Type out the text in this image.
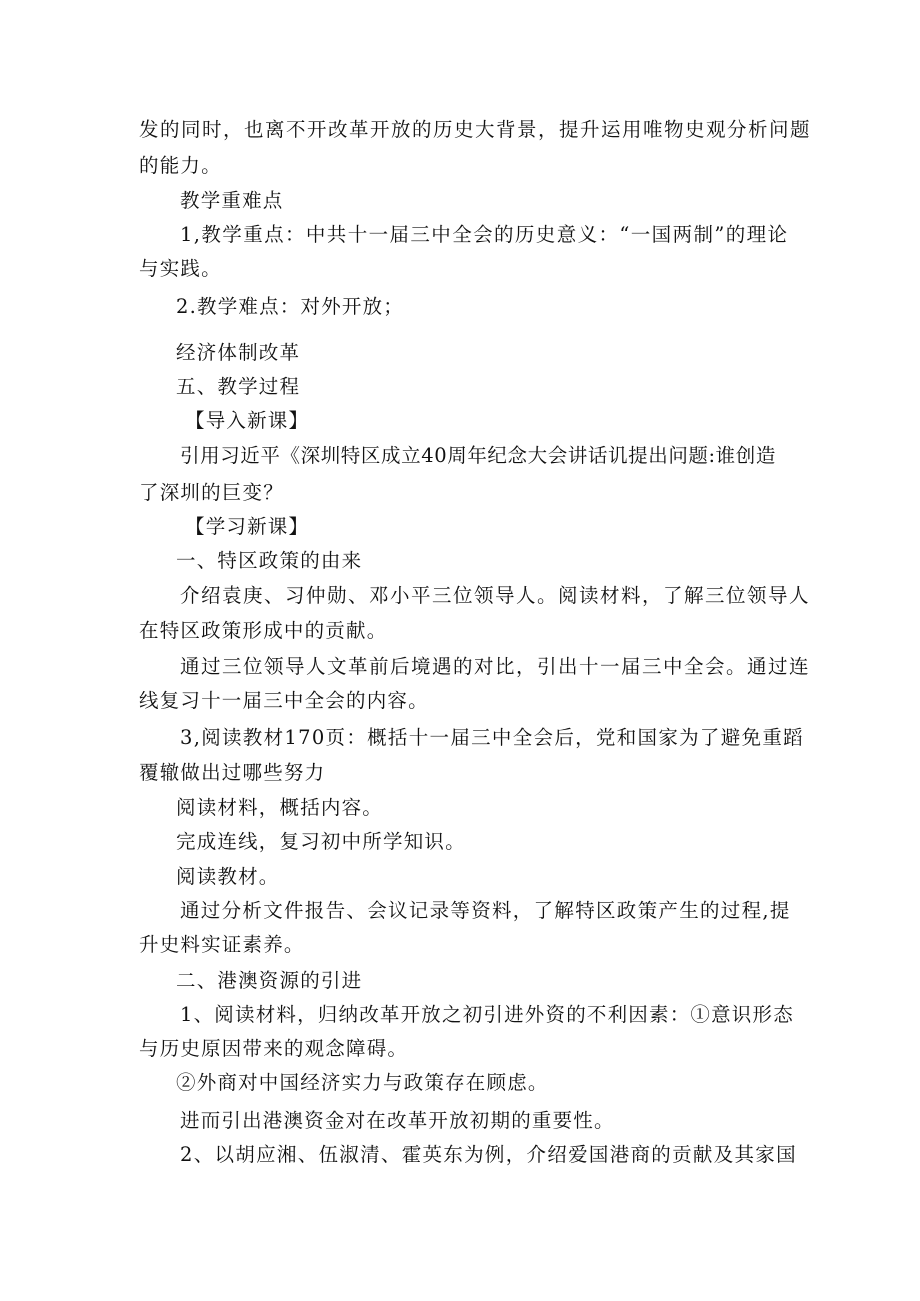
发的同时，也离不开改革开放的历史大背景，提升运用唯物史观分析问题
的能力。
教学重难点
1,教学重点：中共十一届三中全会的历史意义：“一国两制”的理论
与实践。
2.教学难点：对外开放；
经济体制改革
五、教学过程
【导入新课】
引用习近平《深圳特区成立40周年纪念大会讲话讥提出问题:谁创造
了深圳的巨变？
【学习新课】
一、特区政策的由来
介绍袁庚、习仲勋、邓小平三位领导人。阅读材料，了解三位领导人
在特区政策形成中的贡献。
通过三位领导人文革前后境遇的对比，引出十一届三中全会。通过连
线复习十一届三中全会的内容。
3,阅读教材170页：概括十一届三中全会后，党和国家为了避免重蹈
覆辙做出过哪些努力
阅读材料，概括内容。
完成连线，复习初中所学知识。
阅读教材。
通过分析文件报告、会议记录等资料，了解特区政策产生的过程,提
升史料实证素养。
二、港澳资源的引进
1、阅读材料，归纳改革开放之初引进外资的不利因素：①意识形态
与历史原因带来的观念障碍。
②外商对中国经济实力与政策存在顾虑。
进而引出港澳资金对在改革开放初期的重要性。
2、以胡应湘、伍淑清、霍英东为例，介绍爱国港商的贡献及其家国
